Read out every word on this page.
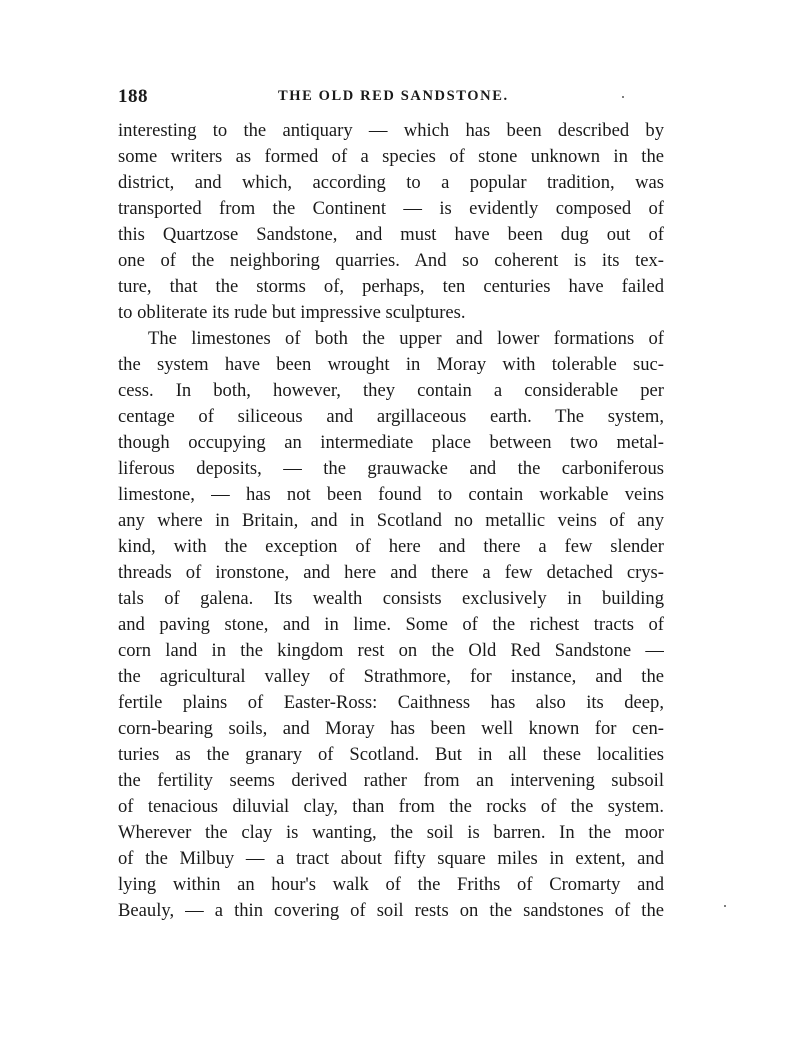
188	THE OLD RED SANDSTONE.
interesting to the antiquary — which has been described by
some writers as formed of a species of stone unknown in the
district, and which, according to a popular tradition, was
transported from the Continent — is evidently composed of
this Quartzose Sandstone, and must have been dug out of
one of the neighboring quarries. And so coherent is its tex-
ture, that the storms of, perhaps, ten centuries have failed
to obliterate its rude but impressive sculptures.
The limestones of both the upper and lower formations of
the system have been wrought in Moray with tolerable suc-
cess. In both, however, they contain a considerable per
centage of siliceous and argillaceous earth. The system,
though occupying an intermediate place between two metal-
liferous deposits, — the grauwacke and the carboniferous
limestone, — has not been found to contain workable veins
any where in Britain, and in Scotland no metallic veins of any
kind, with the exception of here and there a few slender
threads of ironstone, and here and there a few detached crys-
tals of galena. Its wealth consists exclusively in building
and paving stone, and in lime. Some of the richest tracts of
corn land in the kingdom rest on the Old Red Sandstone —
the agricultural valley of Strathmore, for instance, and the
fertile plains of Easter-Ross: Caithness has also its deep,
corn-bearing soils, and Moray has been well known for cen-
turies as the granary of Scotland. But in all these localities
the fertility seems derived rather from an intervening subsoil
of tenacious diluvial clay, than from the rocks of the system.
Wherever the clay is wanting, the soil is barren. In the moor
of the Milbuy — a tract about fifty square miles in extent, and
lying within an hour's walk of the Friths of Cromarty and
Beauly, — a thin covering of soil rests on the sandstones of the
